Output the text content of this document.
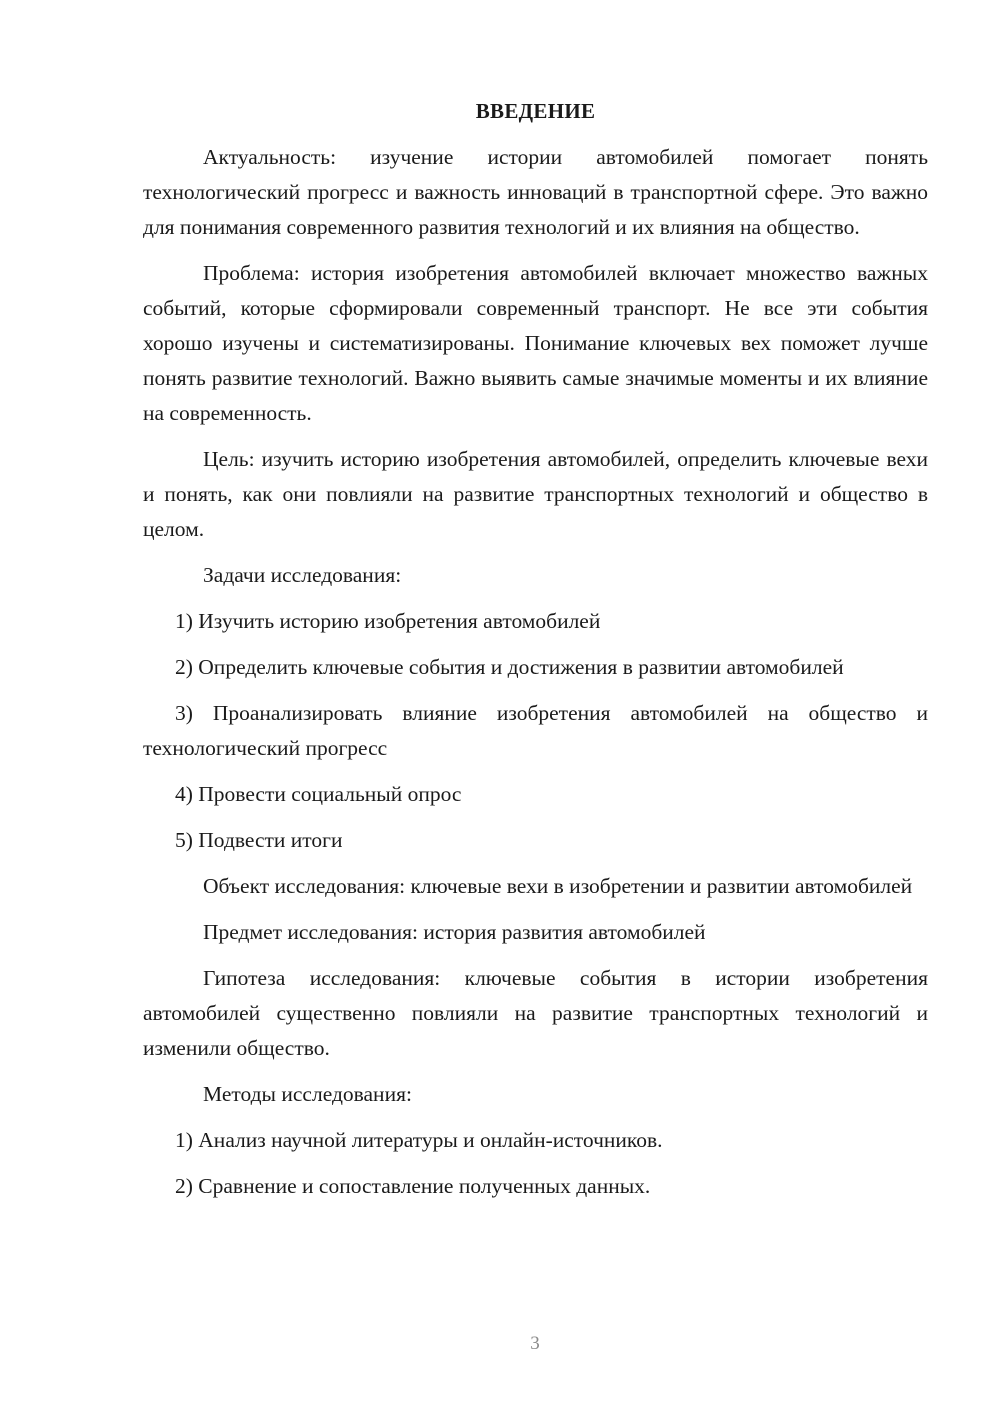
ВВЕДЕНИЕ

Актуальность: изучение истории автомобилей помогает понять технологический прогресс и важность инноваций в транспортной сфере. Это важно для понимания современного развития технологий и их влияния на общество.

Проблема: история изобретения автомобилей включает множество важных событий, которые сформировали современный транспорт. Не все эти события хорошо изучены и систематизированы. Понимание ключевых вех поможет лучше понять развитие технологий. Важно выявить самые значимые моменты и их влияние на современность.

Цель: изучить историю изобретения автомобилей, определить ключевые вехи и понять, как они повлияли на развитие транспортных технологий и общество в целом.

Задачи исследования:

1) Изучить историю изобретения автомобилей

2) Определить ключевые события и достижения в развитии автомобилей

3) Проанализировать влияние изобретения автомобилей на общество и технологический прогресс

4) Провести социальный опрос

5) Подвести итоги

Объект исследования: ключевые вехи в изобретении и развитии автомобилей

Предмет исследования: история развития автомобилей

Гипотеза исследования: ключевые события в истории изобретения автомобилей существенно повлияли на развитие транспортных технологий и изменили общество.

Методы исследования:

1) Анализ научной литературы и онлайн-источников.

2) Сравнение и сопоставление полученных данных.

3
